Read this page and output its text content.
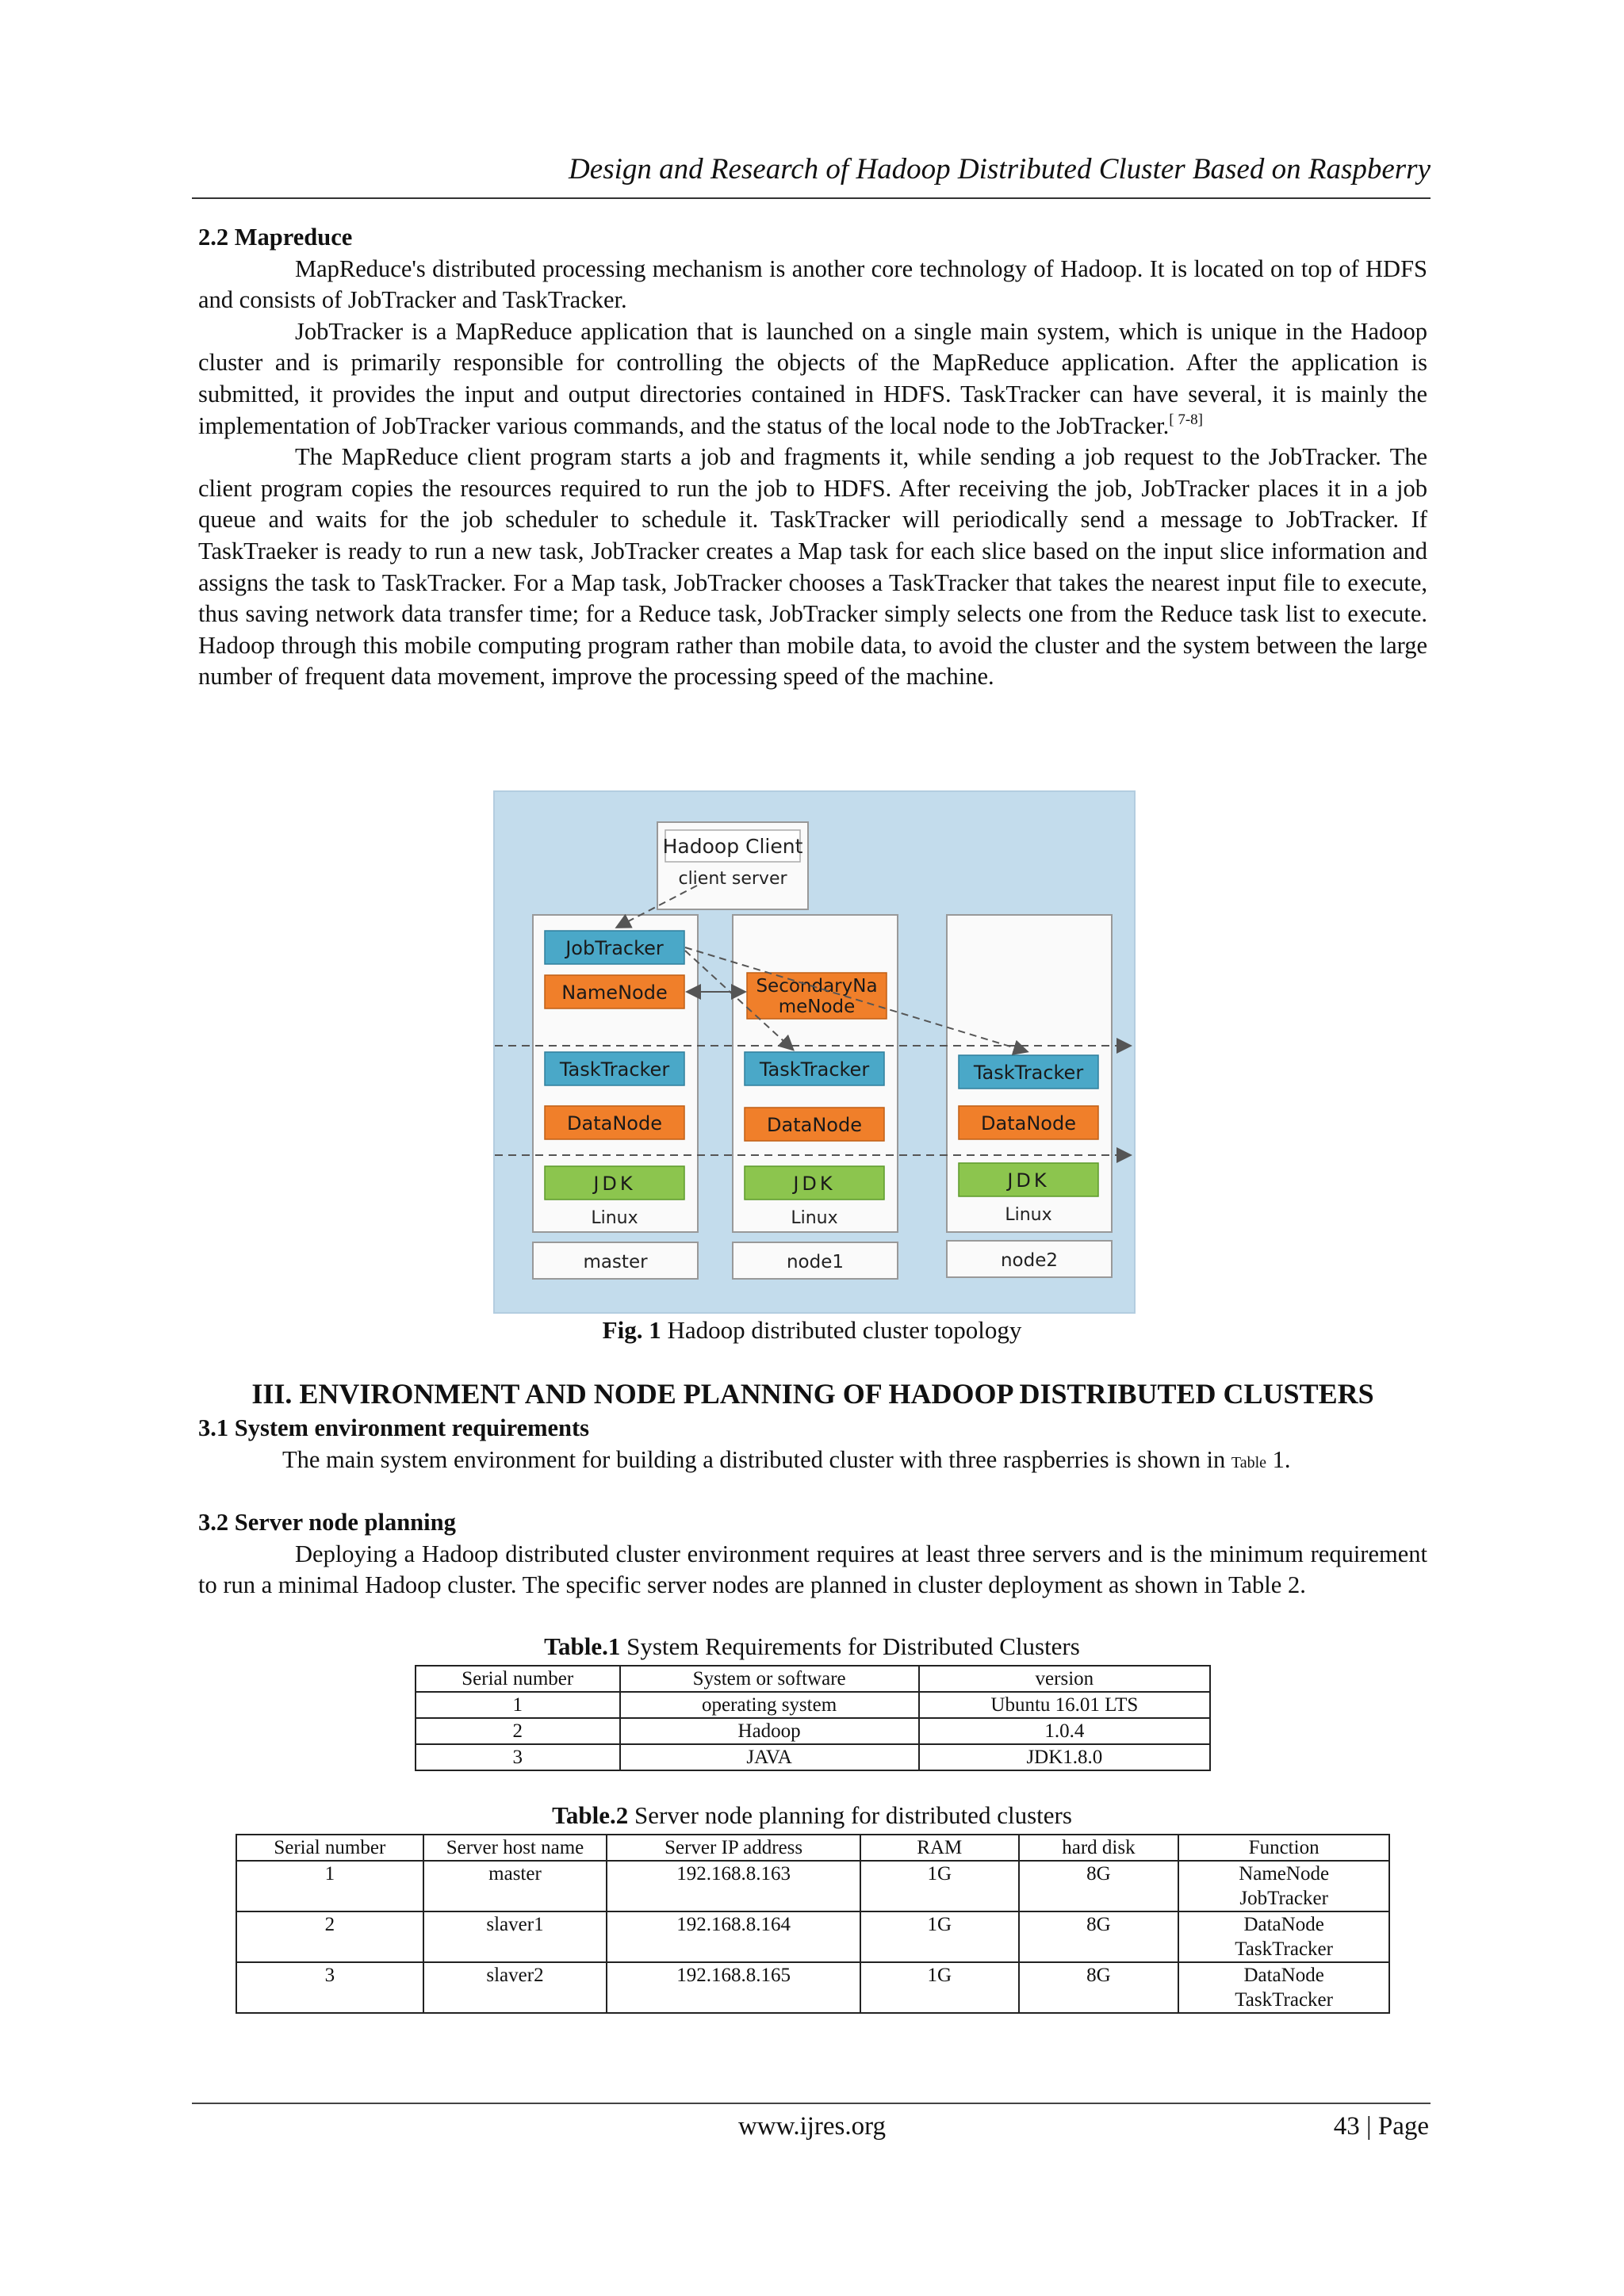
Design and Research of Hadoop Distributed Cluster Based on Raspberry

2.2 Mapreduce

MapReduce's distributed processing mechanism is another core technology of Hadoop. It is located on top of HDFS and consists of JobTracker and TaskTracker.

JobTracker is a MapReduce application that is launched on a single main system, which is unique in the Hadoop cluster and is primarily responsible for controlling the objects of the MapReduce application. After the application is submitted, it provides the input and output directories contained in HDFS. TaskTracker can have several, it is mainly the implementation of JobTracker various commands, and the status of the local node to the JobTracker.[ 7-8]

The MapReduce client program starts a job and fragments it, while sending a job request to the JobTracker. The client program copies the resources required to run the job to HDFS. After receiving the job, JobTracker places it in a job queue and waits for the job scheduler to schedule it. TaskTracker will periodically send a message to JobTracker. If TaskTraeker is ready to run a new task, JobTracker creates a Map task for each slice based on the input slice information and assigns the task to TaskTracker. For a Map task, JobTracker chooses a TaskTracker that takes the nearest input file to execute, thus saving network data transfer time; for a Reduce task, JobTracker simply selects one from the Reduce task list to execute. Hadoop through this mobile computing program rather than mobile data, to avoid the cluster and the system between the large number of frequent data movement, improve the processing speed of the machine.

Hadoop Client
client server
JobTracker
NameNode
TaskTracker
DataNode
JDK
Linux
SecondaryNa
meNode
TaskTracker
DataNode
JDK
Linux
TaskTracker
DataNode
JDK
Linux
master	node1	node2
Fig. 1 Hadoop distributed cluster topology
III. ENVIRONMENT AND NODE PLANNING OF HADOOP DISTRIBUTED CLUSTERS

3.1 System environment requirements

The main system environment for building a distributed cluster with three raspberries is shown in Table 1.

3.2 Server node planning

Deploying a Hadoop distributed cluster environment requires at least three servers and is the minimum requirement to run a minimal Hadoop cluster. The specific server nodes are planned in cluster deployment as shown in Table 2.

Table.1 System Requirements for Distributed Clusters
Serial number	System or software	version
1	operating system	Ubuntu 16.01 LTS
2	Hadoop	1.0.4
3	JAVA	JDK1.8.0
Table.2 Server node planning for distributed clusters
Serial number	Server host name	Server IP address	RAM	hard disk	Function
1	master	192.168.8.163	1G	8G	NameNode
JobTracker

2	slaver1	192.168.8.164	1G	8G	DataNode
TaskTracker

3	slaver2	192.168.8.165	1G	8G	DataNode
TaskTracker
www.ijres.org	43 | Page
